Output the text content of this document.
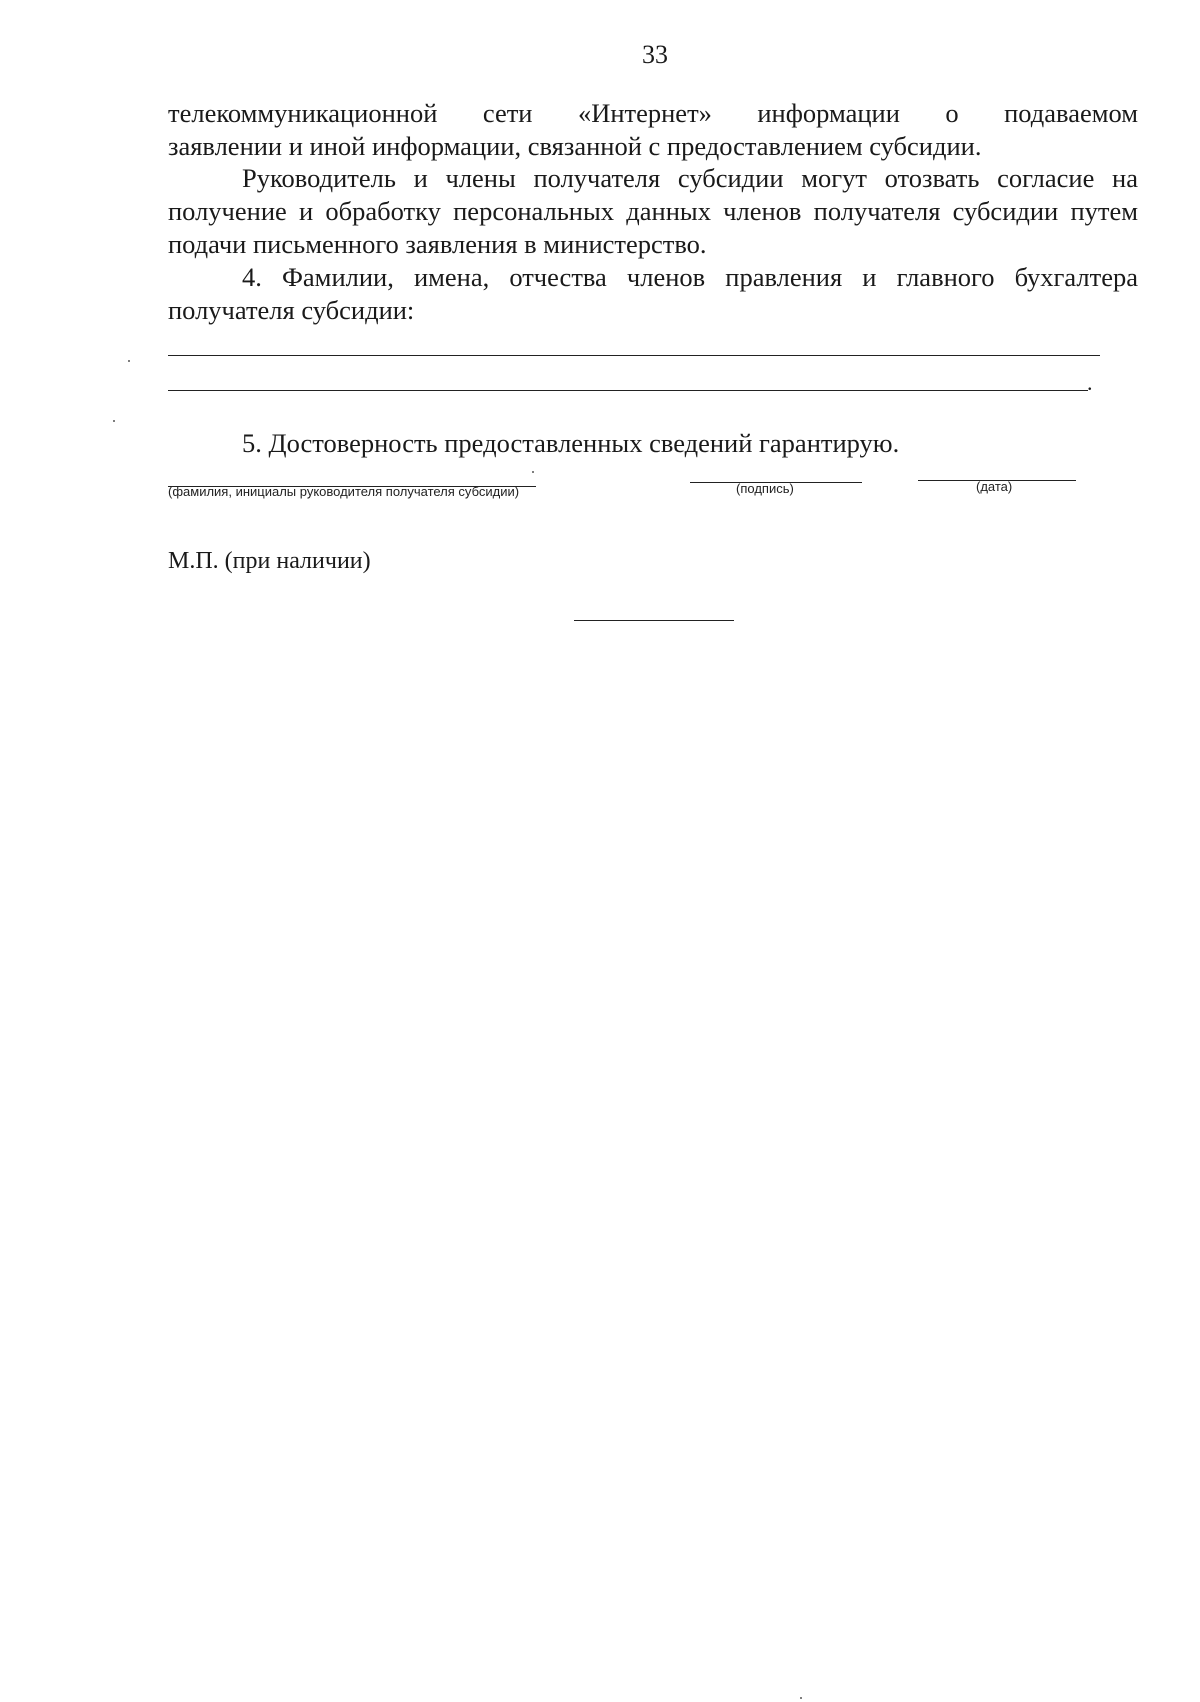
33

телекоммуникационной сети «Интернет» информации о подаваемом
заявлении и иной информации, связанной с предоставлением субсидии.

Руководитель и члены получателя субсидии могут отозвать согласие на получение и обработку персональных данных членов получателя субсидии путем подачи письменного заявления в министерство.

4. Фамилии, имена, отчества членов правления и главного бухгалтера получателя субсидии:

.

5. Достоверность предоставленных сведений гарантирую.

(фамилия, инициалы руководителя получателя субсидии)	(подпись)	(дата)
М.П. (при наличии)
